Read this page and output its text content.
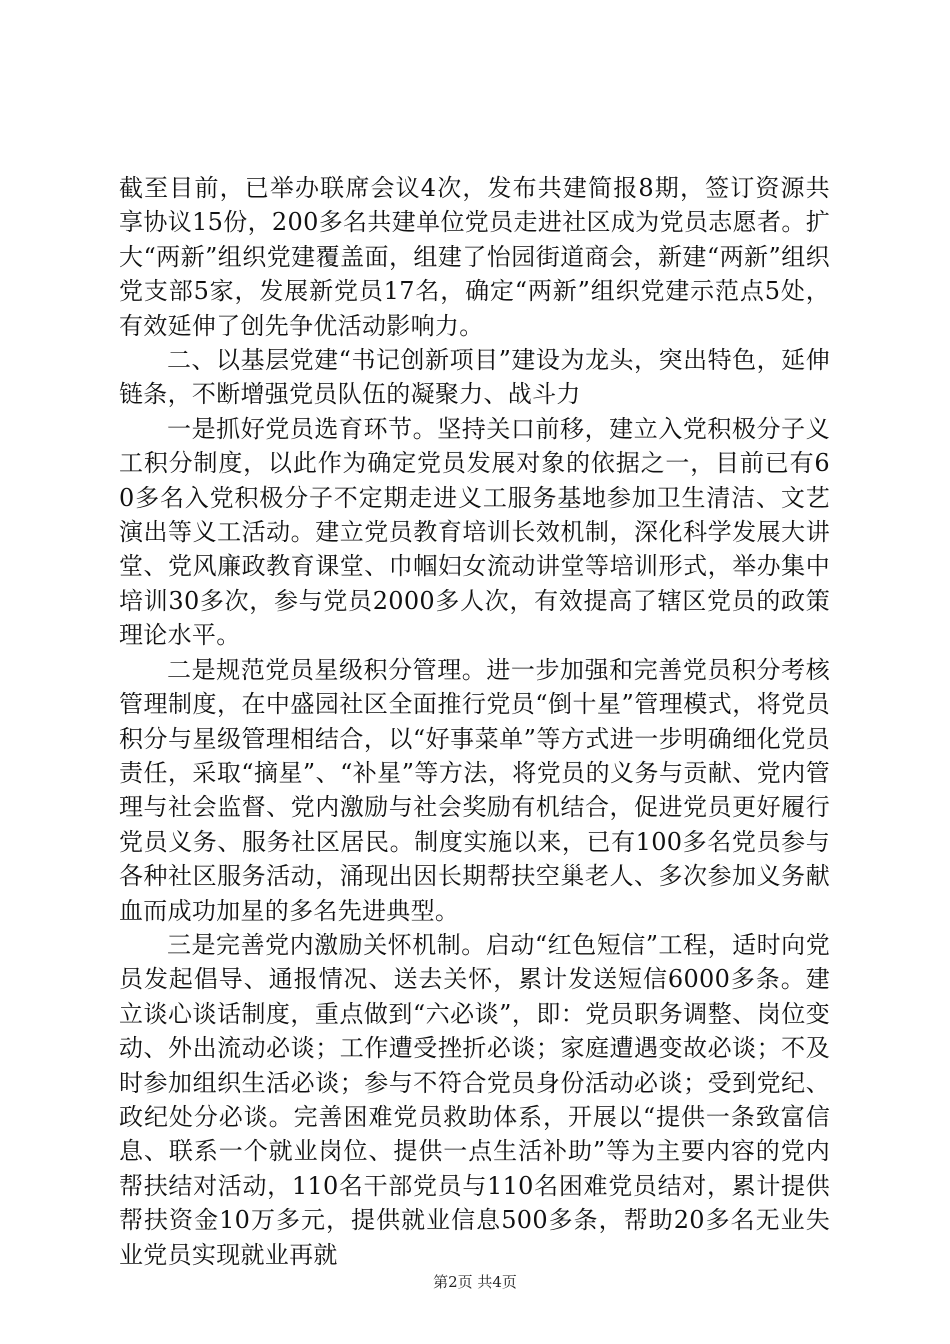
截至目前，已举办联席会议4次，发布共建简报8期，签订资源共享协议15份，200多名共建单位党员走进社区成为党员志愿者。扩大“两新”组织党建覆盖面，组建了怡园街道商会，新建“两新”组织党支部5家，发展新党员17名，确定“两新”组织党建示范点5处，有效延伸了创先争优活动影响力。

二、以基层党建“书记创新项目”建设为龙头，突出特色，延伸链条，不断增强党员队伍的凝聚力、战斗力

一是抓好党员选育环节。坚持关口前移，建立入党积极分子义工积分制度，以此作为确定党员发展对象的依据之一，目前已有60多名入党积极分子不定期走进义工服务基地参加卫生清洁、文艺演出等义工活动。建立党员教育培训长效机制，深化科学发展大讲堂、党风廉政教育课堂、巾帼妇女流动讲堂等培训形式，举办集中培训30多次，参与党员2000多人次，有效提高了辖区党员的政策理论水平。

二是规范党员星级积分管理。进一步加强和完善党员积分考核管理制度，在中盛园社区全面推行党员“倒十星”管理模式，将党员积分与星级管理相结合，以“好事菜单”等方式进一步明确细化党员责任，采取“摘星”、“补星”等方法，将党员的义务与贡献、党内管理与社会监督、党内激励与社会奖励有机结合，促进党员更好履行党员义务、服务社区居民。制度实施以来，已有100多名党员参与各种社区服务活动，涌现出因长期帮扶空巢老人、多次参加义务献血而成功加星的多名先进典型。

三是完善党内激励关怀机制。启动“红色短信”工程，适时向党员发起倡导、通报情况、送去关怀，累计发送短信6000多条。建立谈心谈话制度，重点做到“六必谈”，即：党员职务调整、岗位变动、外出流动必谈；工作遭受挫折必谈；家庭遭遇变故必谈；不及时参加组织生活必谈；参与不符合党员身份活动必谈；受到党纪、政纪处分必谈。完善困难党员救助体系，开展以“提供一条致富信息、联系一个就业岗位、提供一点生活补助”等为主要内容的党内帮扶结对活动，110名干部党员与110名困难党员结对，累计提供帮扶资金10万多元，提供就业信息500多条，帮助20多名无业失业党员实现就业再就

第2页 共4页
